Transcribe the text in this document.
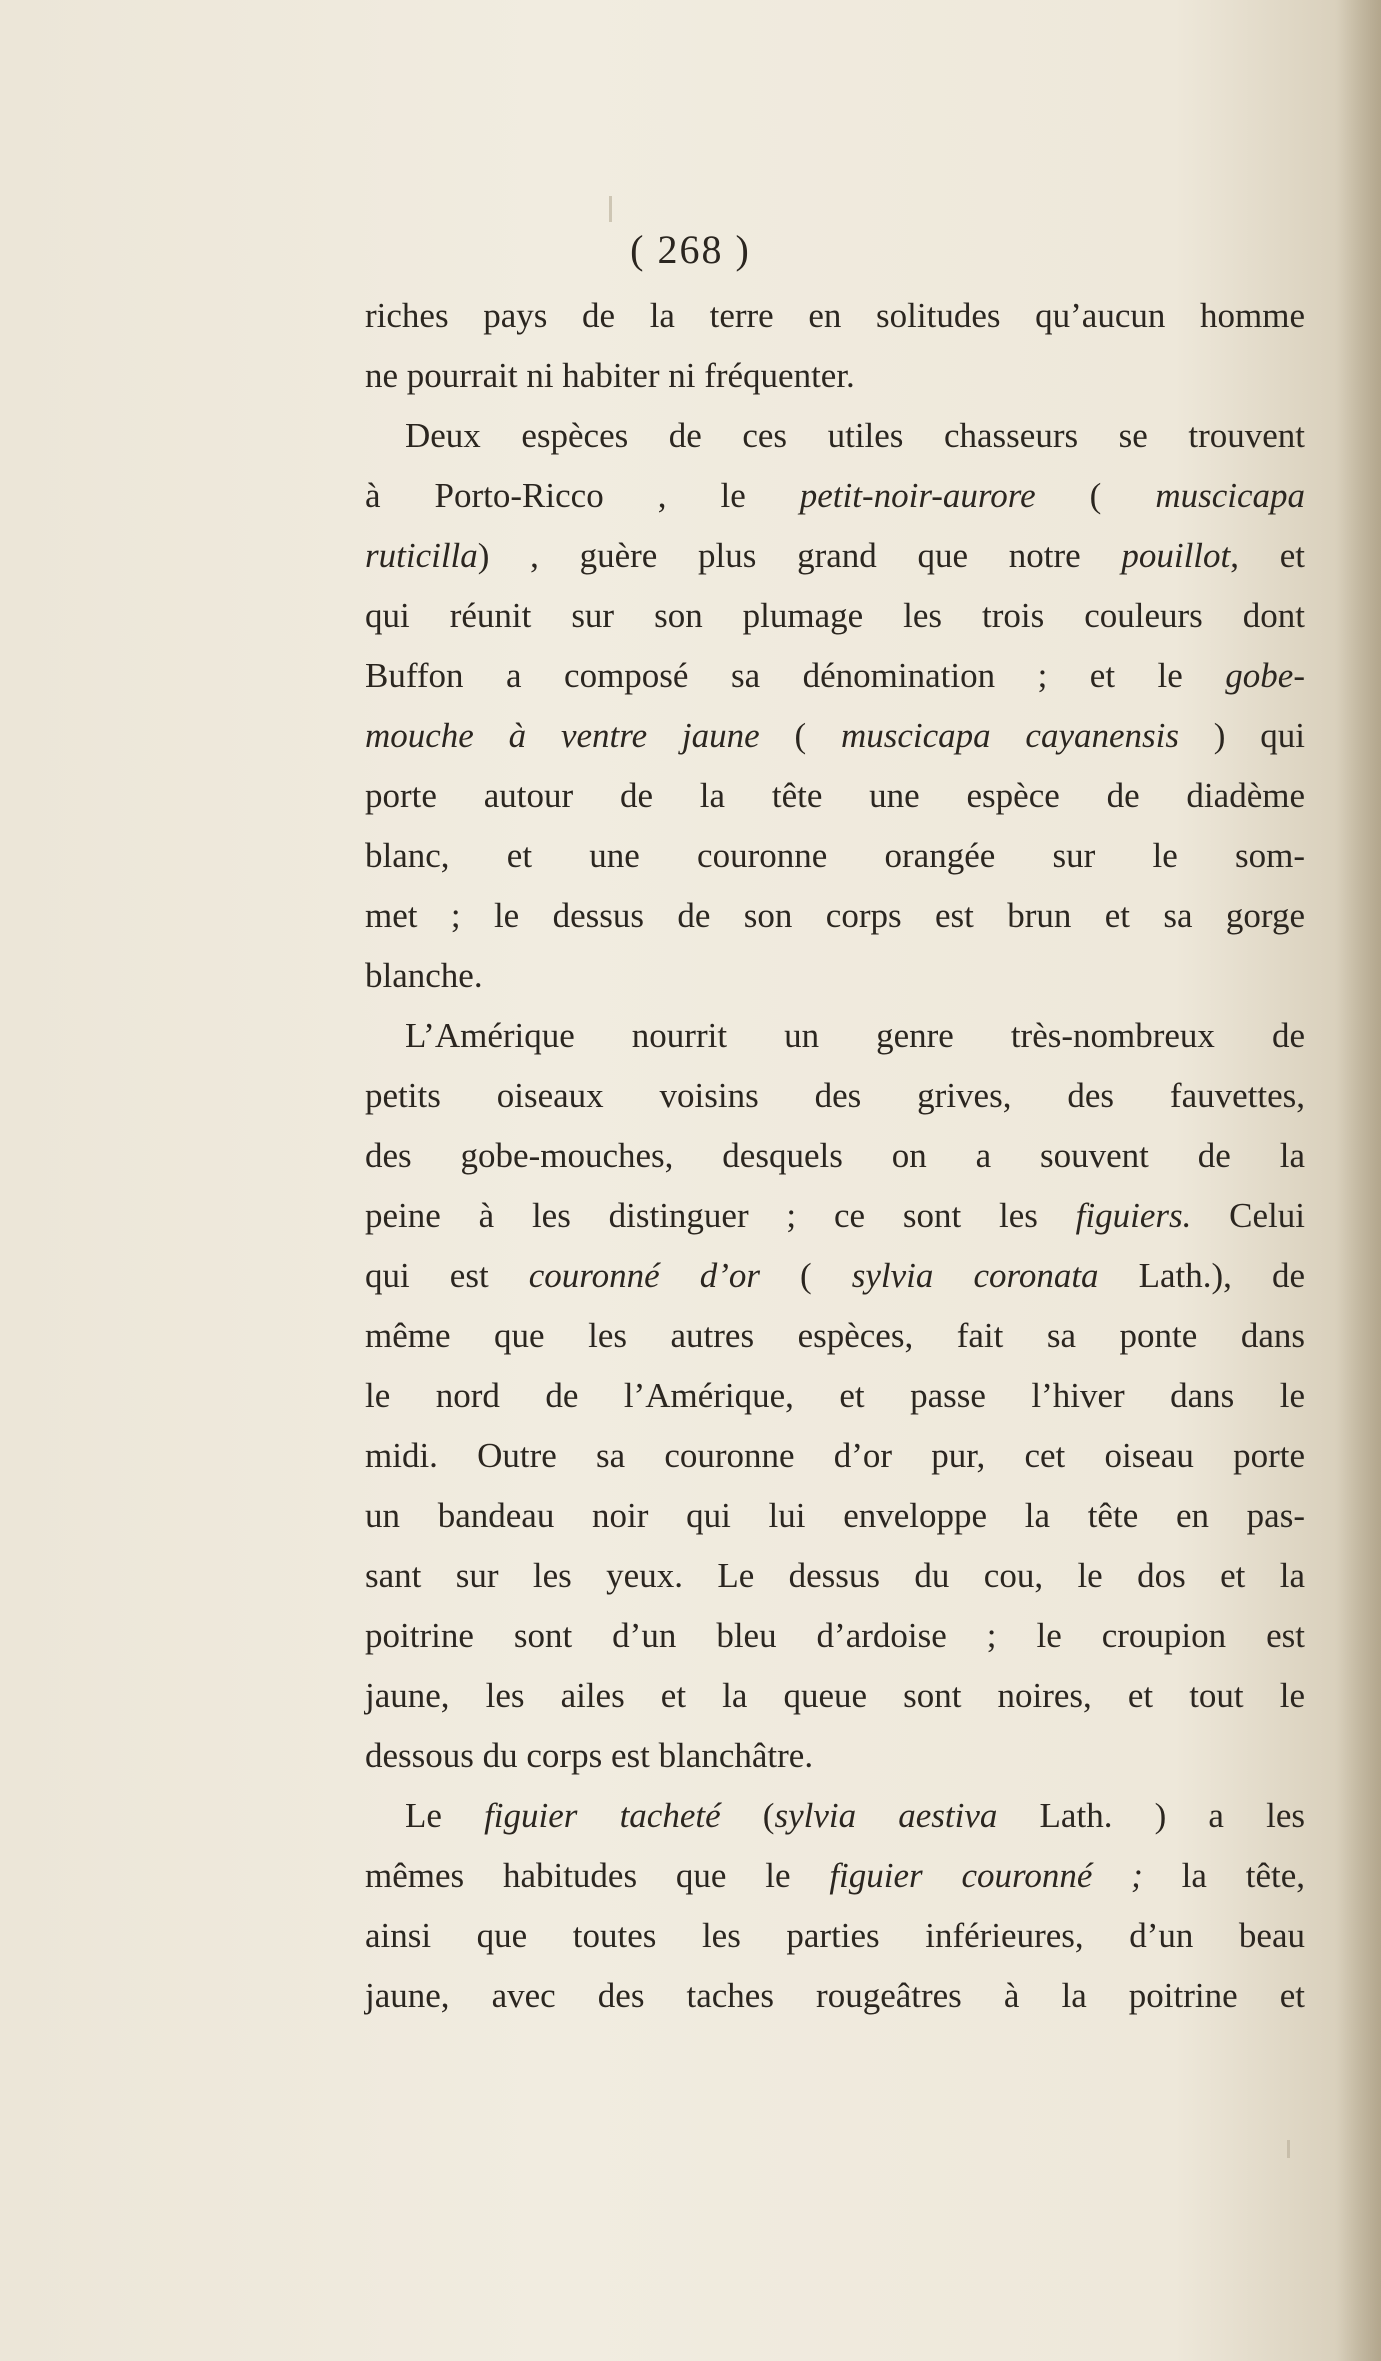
( 268 )
riches pays de la terre en solitudes qu’aucun homme
ne pourrait ni habiter ni fréquenter.
Deux espèces de ces utiles chasseurs se trouvent
à Porto-Ricco , le petit-noir-aurore ( muscicapa
ruticilla) , guère plus grand que notre pouillot, et
qui réunit sur son plumage les trois couleurs dont
Buffon a composé sa dénomination ; et le gobe-
mouche à ventre jaune ( muscicapa cayanensis ) qui
porte autour de la tête une espèce de diadème
blanc, et une couronne orangée sur le som-
met ; le dessus de son corps est brun et sa gorge
blanche.
L’Amérique nourrit un genre très-nombreux de
petits oiseaux voisins des grives, des fauvettes,
des gobe-mouches, desquels on a souvent de la
peine à les distinguer ; ce sont les figuiers. Celui
qui est couronné d’or ( sylvia coronata Lath.), de
même que les autres espèces, fait sa ponte dans
le nord de l’Amérique, et passe l’hiver dans le
midi. Outre sa couronne d’or pur, cet oiseau porte
un bandeau noir qui lui enveloppe la tête en pas-
sant sur les yeux. Le dessus du cou, le dos et la
poitrine sont d’un bleu d’ardoise ; le croupion est
jaune, les ailes et la queue sont noires, et tout le
dessous du corps est blanchâtre.
Le figuier tacheté (sylvia aestiva Lath. ) a les
mêmes habitudes que le figuier couronné ; la tête,
ainsi que toutes les parties inférieures, d’un beau
jaune, avec des taches rougeâtres à la poitrine et
